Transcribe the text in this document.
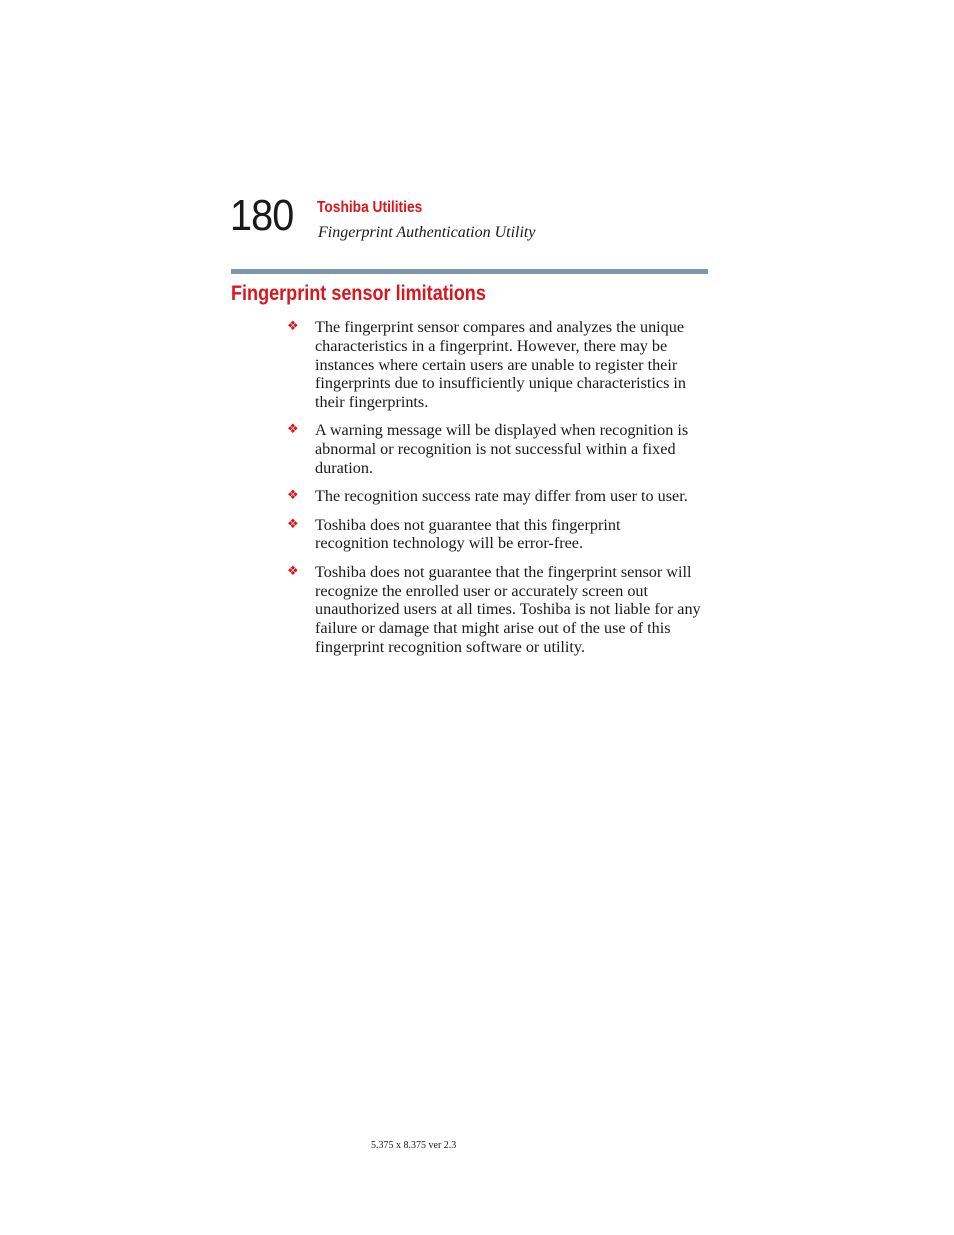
180 Toshiba Utilities
Fingerprint Authentication Utility
Fingerprint sensor limitations
❖ The fingerprint sensor compares and analyzes the unique characteristics in a fingerprint. However, there may be instances where certain users are unable to register their fingerprints due to insufficiently unique characteristics in their fingerprints.
❖ A warning message will be displayed when recognition is abnormal or recognition is not successful within a fixed duration.
❖ The recognition success rate may differ from user to user.
❖ Toshiba does not guarantee that this fingerprint recognition technology will be error-free.
❖ Toshiba does not guarantee that the fingerprint sensor will recognize the enrolled user or accurately screen out unauthorized users at all times. Toshiba is not liable for any failure or damage that might arise out of the use of this fingerprint recognition software or utility.
5.375 x 8.375 ver 2.3
